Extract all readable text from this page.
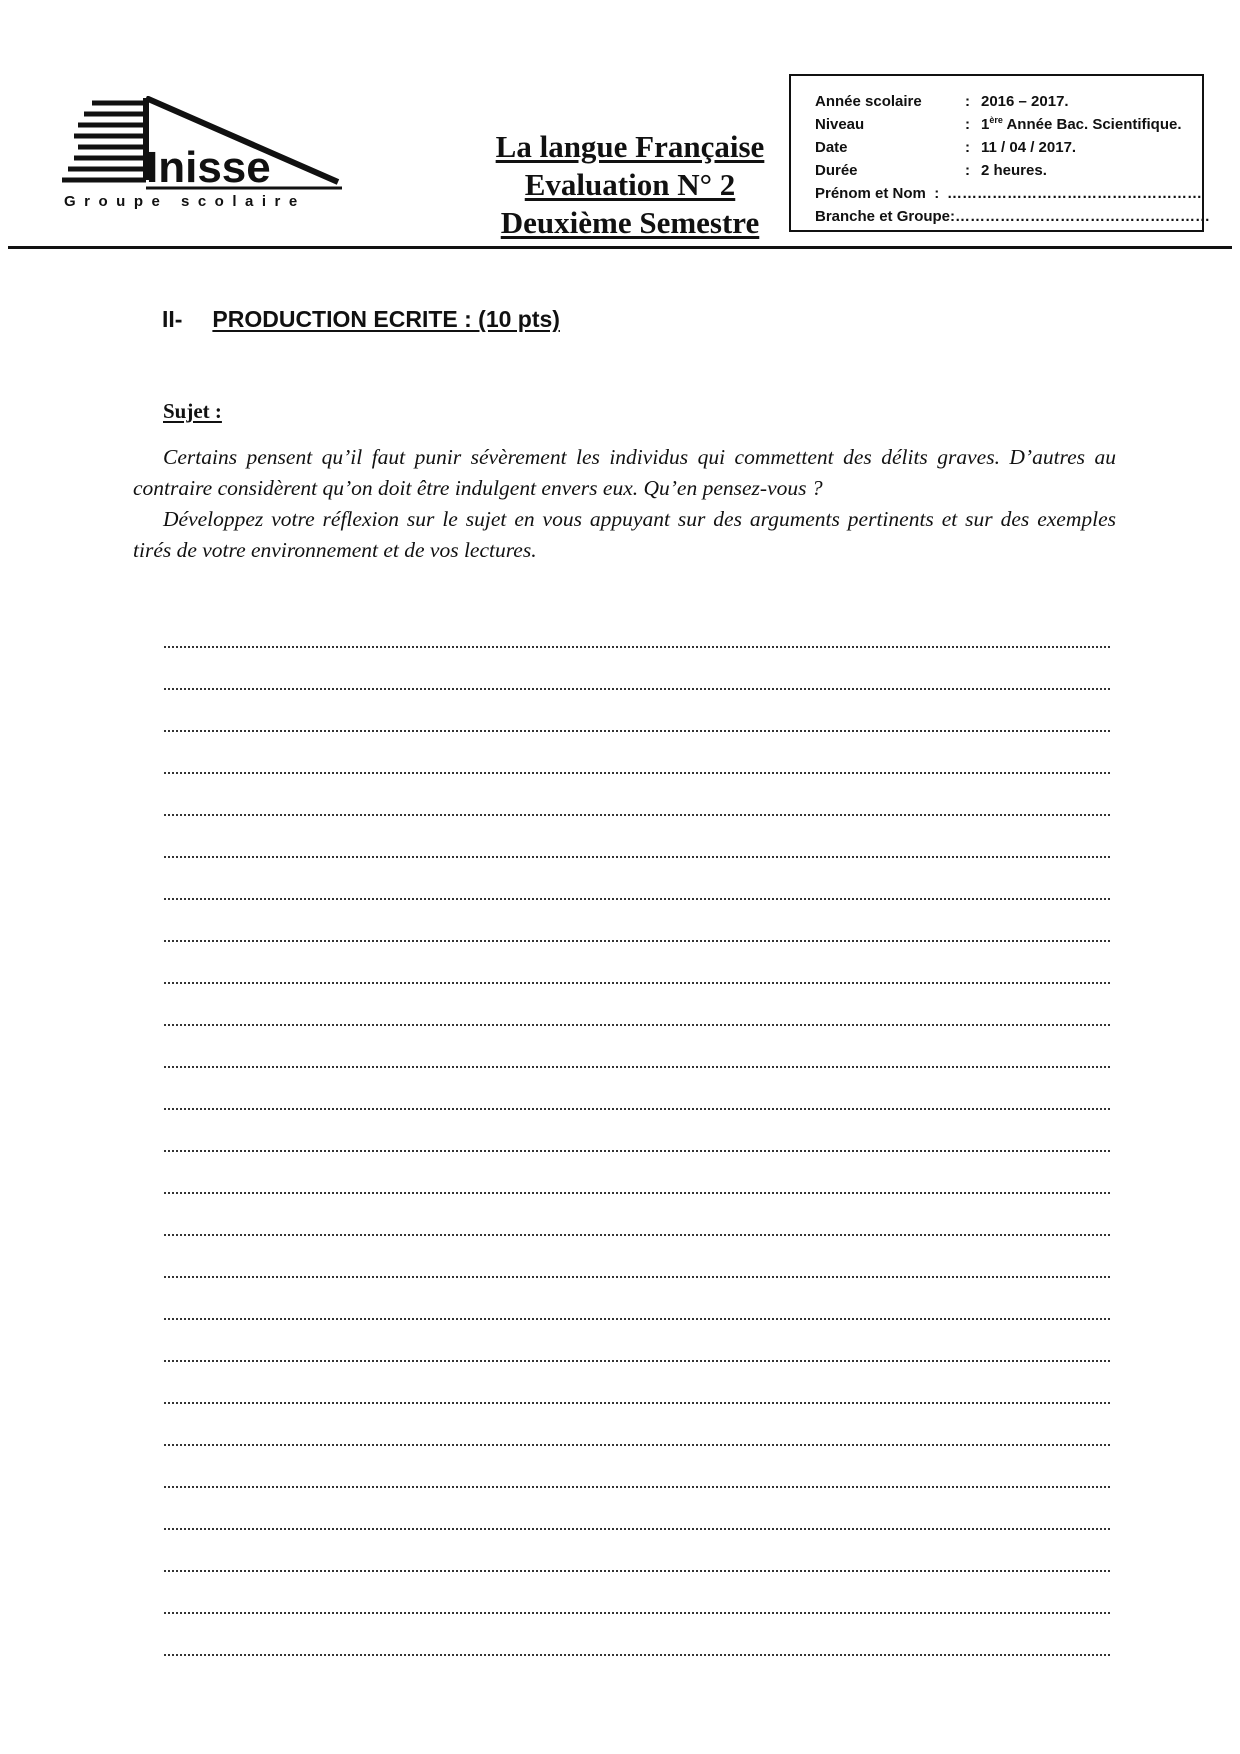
Inisse
Groupe scolaire
La langue Française
Evaluation N° 2
Deuxième Semestre
Année scolaire	: 2016 – 2017.
Niveau	: 1ère Année Bac. Scientifique.
Date	: 11 / 04 / 2017.
Durée	: 2 heures.
Prénom et Nom : ……………………………………………
Branche et Groupe : ……………………………………………
II- PRODUCTION ECRITE : (10 pts)
Sujet :

Certains pensent qu’il faut punir sévèrement les individus qui commettent des délits graves. D’autres au contraire considèrent qu’on doit être indulgent envers eux. Qu’en pensez-vous ?

Développez votre réflexion sur le sujet en vous appuyant sur des arguments pertinents et sur des exemples tirés de votre environnement et de vos lectures.
